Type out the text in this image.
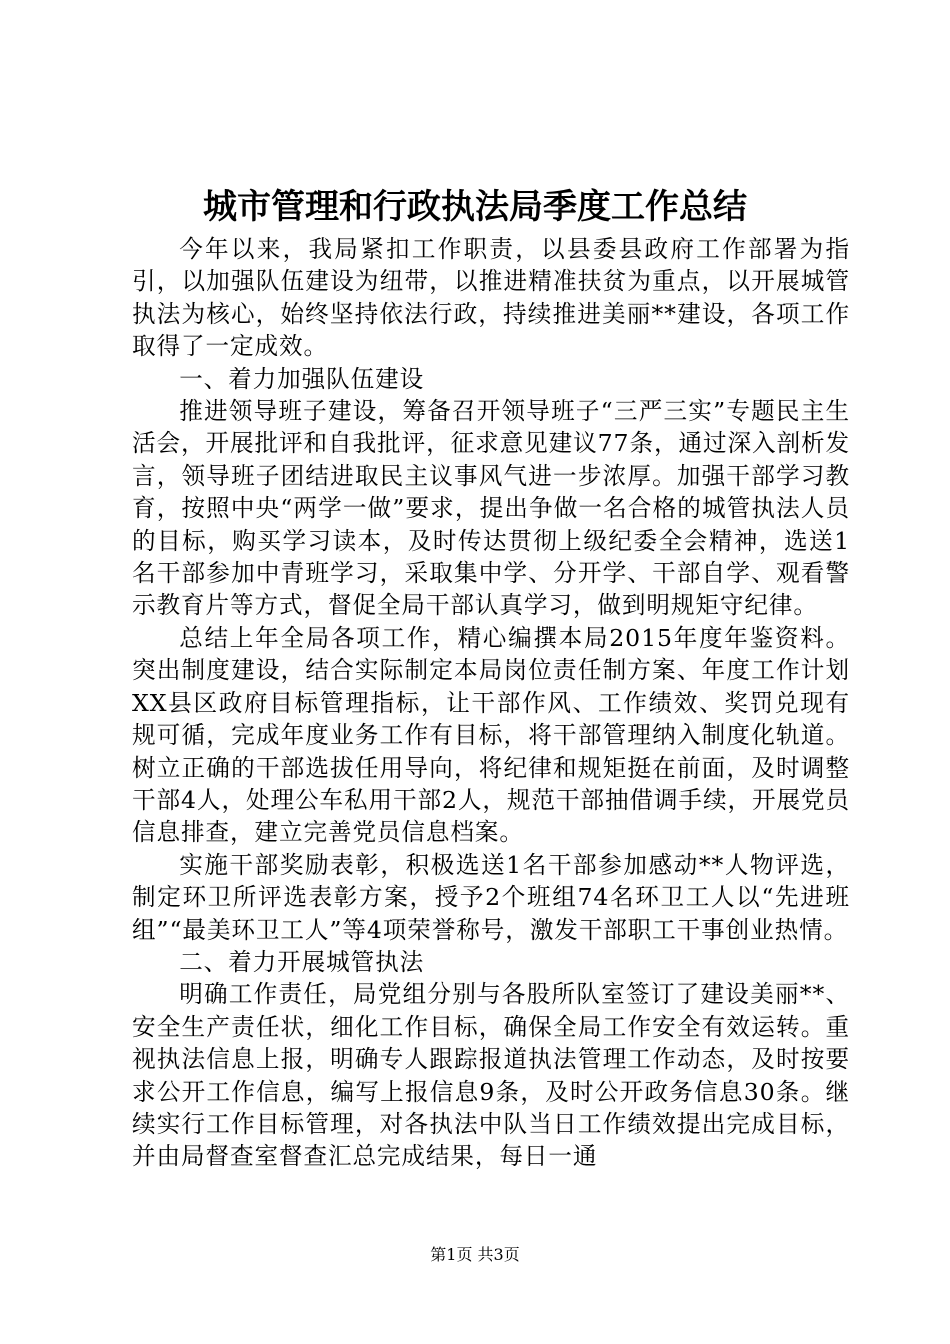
城市管理和行政执法局季度工作总结

今年以来，我局紧扣工作职责，以县委县政府工作部署为指引，以加强队伍建设为纽带，以推进精准扶贫为重点，以开展城管执法为核心，始终坚持依法行政，持续推进美丽**建设，各项工作取得了一定成效。

一、着力加强队伍建设

推进领导班子建设，筹备召开领导班子“三严三实”专题民主生活会，开展批评和自我批评，征求意见建议77条，通过深入剖析发言，领导班子团结进取民主议事风气进一步浓厚。加强干部学习教育，按照中央“两学一做”要求，提出争做一名合格的城管执法人员的目标，购买学习读本，及时传达贯彻上级纪委全会精神，选送1名干部参加中青班学习，采取集中学、分开学、干部自学、观看警示教育片等方式，督促全局干部认真学习，做到明规矩守纪律。

总结上年全局各项工作，精心编撰本局2015年度年鉴资料。突出制度建设，结合实际制定本局岗位责任制方案、年度工作计划XX县区政府目标管理指标，让干部作风、工作绩效、奖罚兑现有规可循，完成年度业务工作有目标，将干部管理纳入制度化轨道。树立正确的干部选拔任用导向，将纪律和规矩挺在前面，及时调整干部4人，处理公车私用干部2人，规范干部抽借调手续，开展党员信息排查，建立完善党员信息档案。

实施干部奖励表彰，积极选送1名干部参加感动**人物评选，制定环卫所评选表彰方案，授予2个班组74名环卫工人以“先进班组”“最美环卫工人”等4项荣誉称号，激发干部职工干事创业热情。

二、着力开展城管执法

明确工作责任，局党组分别与各股所队室签订了建设美丽**、安全生产责任状，细化工作目标，确保全局工作安全有效运转。重视执法信息上报，明确专人跟踪报道执法管理工作动态，及时按要求公开工作信息，编写上报信息9条，及时公开政务信息30条。继续实行工作目标管理，对各执法中队当日工作绩效提出完成目标，并由局督查室督查汇总完成结果，每日一通

第1页 共3页
